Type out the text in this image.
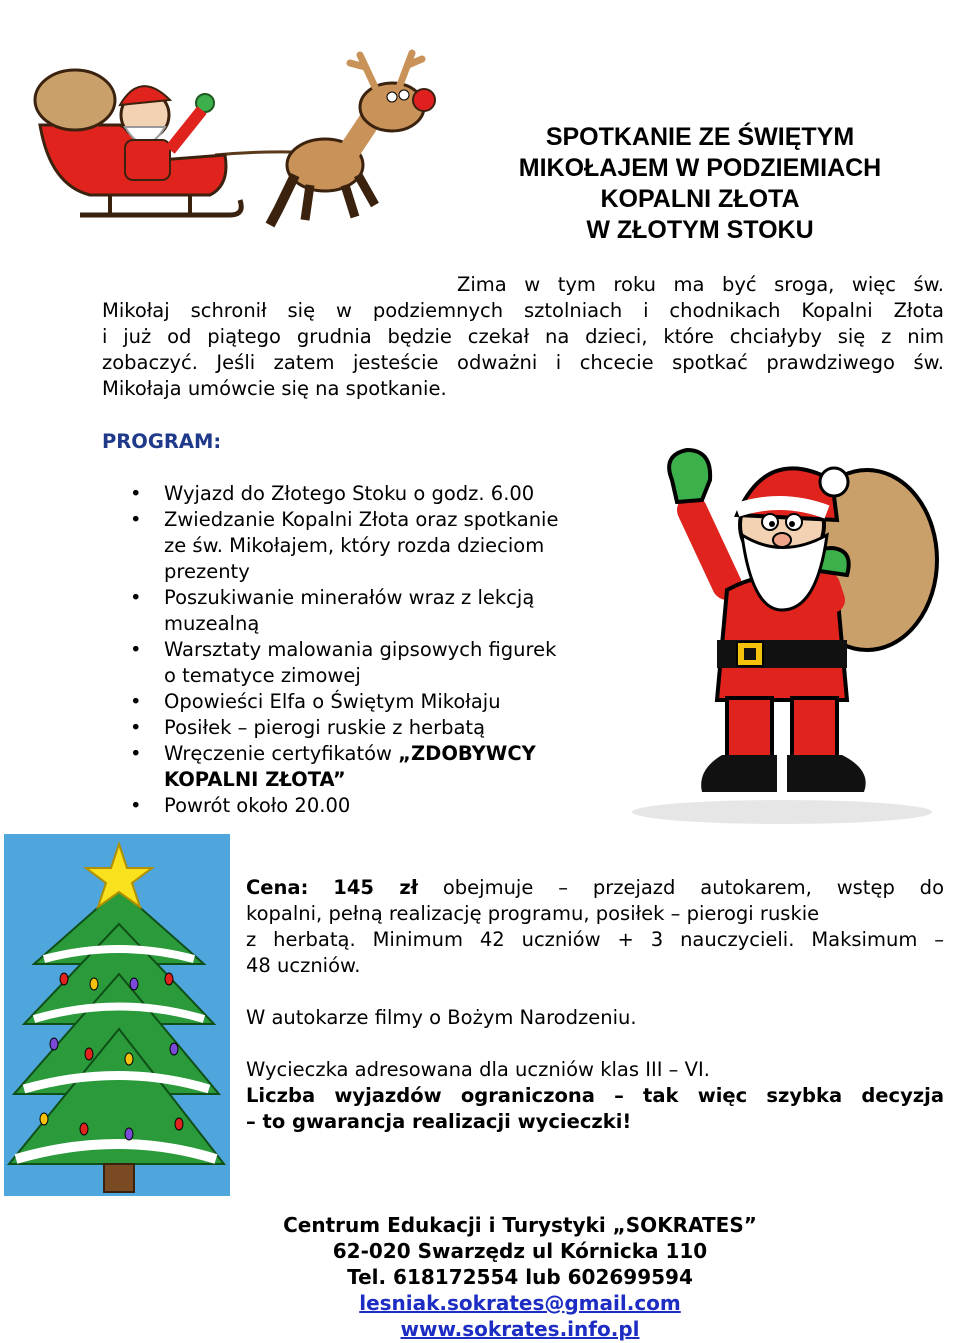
SPOTKANIE ZE ŚWIĘTYM
MIKOŁAJEM W PODZIEMIACH
KOPALNI ZŁOTA
W ZŁOTYM STOKU
Zima w tym roku ma być sroga, więc św.
Mikołaj schronił się w podziemnych sztolniach i chodnikach Kopalni Złota
i już od piątego grudnia będzie czekał na dzieci, które chciałyby się z nim
zobaczyć. Jeśli zatem jesteście odważni i chcecie spotkać prawdziwego św.
Mikołaja umówcie się na spotkanie.
PROGRAM:
• Wyjazd do Złotego Stoku o godz. 6.00
• Zwiedzanie Kopalni Złota oraz spotkanie
ze św. Mikołajem, który rozda dzieciom
prezenty
• Poszukiwanie minerałów wraz z lekcją
muzealną
• Warsztaty malowania gipsowych figurek
o tematyce zimowej
• Opowieści Elfa o Świętym Mikołaju
• Posiłek – pierogi ruskie z herbatą
• Wręczenie certyfikatów „ZDOBYWCY
KOPALNI ZŁOTA”
• Powrót około 20.00
Cena: 145 zł obejmuje – przejazd autokarem, wstęp do
kopalni, pełną realizację programu, posiłek – pierogi ruskie
z herbatą. Minimum 42 uczniów + 3 nauczycieli. Maksimum –
48 uczniów.

W autokarze filmy o Bożym Narodzeniu.

Wycieczka adresowana dla uczniów klas III – VI.

Liczba wyjazdów ograniczona – tak więc szybka decyzja

– to gwarancja realizacji wycieczki!

Centrum Edukacji i Turystyki „SOKRATES”
62-020 Swarzędz ul Kórnicka 110
Tel. 618172554 lub 602699594
lesniak.sokrates@gmail.com
www.sokrates.info.pl
